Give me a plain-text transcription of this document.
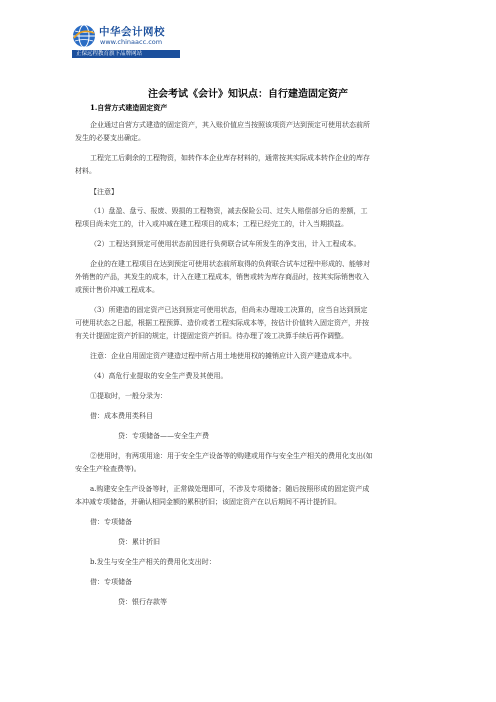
中华会计网校
www.chinaacc.com
正保远程教育旗下品牌网站
注会考试《会计》知识点：自行建造固定资产

1.自营方式建造固定资产

企业通过自营方式建造的固定资产，其入账价值应当按照该项资产达到预定可使用状态前所

发生的必要支出确定。

工程完工后剩余的工程物资，如转作本企业库存材料的，通常按其实际成本转作企业的库存

材料。

【注意】

（1）盘盈、盘亏、报废、毁损的工程物资，减去保险公司、过失人赔偿部分后的差额，工

程项目尚未完工的，计入或冲减在建工程项目的成本；工程已经完工的，计入当期损益。

（2）工程达到预定可使用状态前因进行负荷联合试车所发生的净支出，计入工程成本。

企业的在建工程项目在达到预定可使用状态前所取得的负荷联合试车过程中形成的、能够对

外销售的产品，其发生的成本，计入在建工程成本，销售或转为库存商品时，按其实际销售收入

或预计售价冲减工程成本。

（3）所建造的固定资产已达到预定可使用状态，但尚未办理竣工决算的，应当自达到预定

可使用状态之日起，根据工程预算、造价或者工程实际成本等，按估计价值转入固定资产，并按

有关计提固定资产折旧的规定，计提固定资产折旧。待办理了竣工决算手续后再作调整。

注意：企业自用固定资产建造过程中所占用土地使用权的摊销应计入资产建造成本中。

（4）高危行业提取的安全生产费及其使用。

①提取时，一般分录为：

借：成本费用类科目

贷：专项储备——安全生产费

②使用时，有两项用途：用于安全生产设备等的购建或用作与安全生产相关的费用化支出(如

安全生产检查费等)。

a.购建安全生产设备等时，正常做处理即可，不涉及专项储备；随后按照形成的固定资产成

本冲减专项储备，并确认相同金额的累积折旧；该固定资产在以后期间不再计提折旧。

借：专项储备

贷：累计折旧

b.发生与安全生产相关的费用化支出时：

借：专项储备

贷：银行存款等
